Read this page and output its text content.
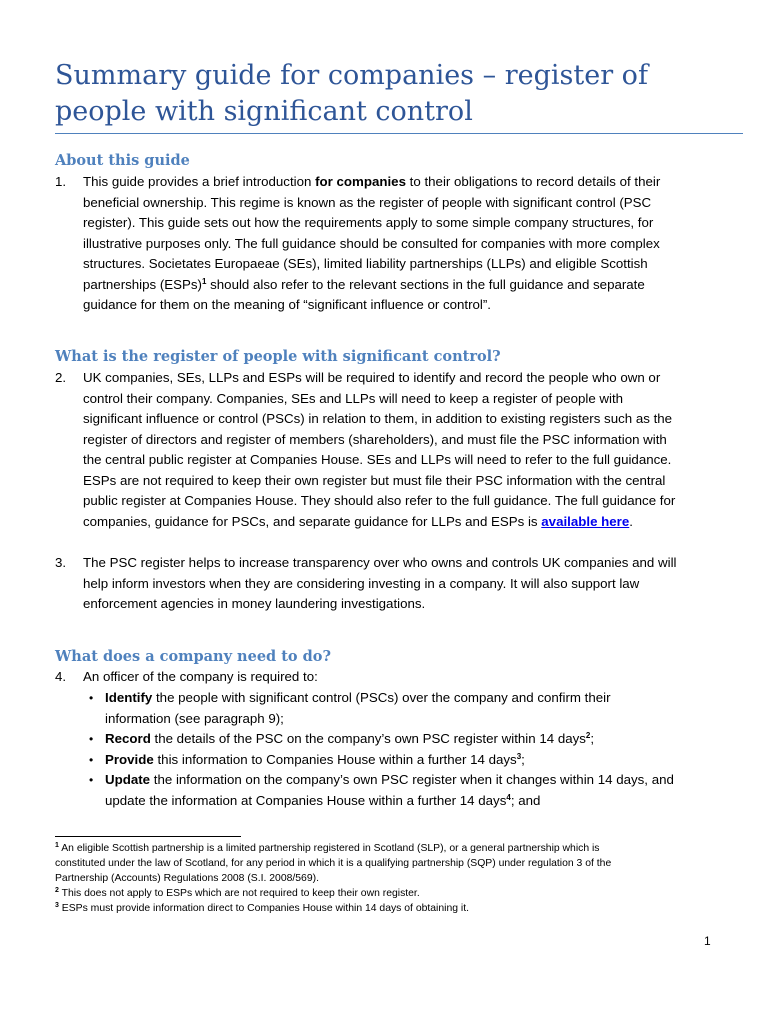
Summary guide for companies – register of
people with significant control
About this guide
1. This guide provides a brief introduction for companies to their obligations to record details of their
beneficial ownership. This regime is known as the register of people with significant control (PSC
register). This guide sets out how the requirements apply to some simple company structures, for
illustrative purposes only. The full guidance should be consulted for companies with more complex
structures. Societates Europaeae (SEs), limited liability partnerships (LLPs) and eligible Scottish
partnerships (ESPs)$^1$ should also refer to the relevant sections in the full guidance and separate
guidance for them on the meaning of “significant influence or control”.
What is the register of people with significant control?
2. UK companies, SEs, LLPs and ESPs will be required to identify and record the people who own or
control their company. Companies, SEs and LLPs will need to keep a register of people with
significant influence or control (PSCs) in relation to them, in addition to existing registers such as the
register of directors and register of members (shareholders), and must file the PSC information with
the central public register at Companies House. SEs and LLPs will need to refer to the full guidance.
ESPs are not required to keep their own register but must file their PSC information with the central
public register at Companies House. They should also refer to the full guidance. The full guidance for
companies, guidance for PSCs, and separate guidance for LLPs and ESPs is available here.
3. The PSC register helps to increase transparency over who owns and controls UK companies and will
help inform investors when they are considering investing in a company. It will also support law
enforcement agencies in money laundering investigations.
What does a company need to do?
4. An officer of the company is required to:
• Identify the people with significant control (PSCs) over the company and confirm their
information (see paragraph 9);
• Record the details of the PSC on the company’s own PSC register within 14 days$^2$;
• Provide this information to Companies House within a further 14 days$^3$;
• Update the information on the company’s own PSC register when it changes within 14 days, and
update the information at Companies House within a further 14 days$^4$; and
$^1$ An eligible Scottish partnership is a limited partnership registered in Scotland (SLP), or a general partnership which is
constituted under the law of Scotland, for any period in which it is a qualifying partnership (SQP) under regulation 3 of the
Partnership (Accounts) Regulations 2008 (S.I. 2008/569).
$^2$ This does not apply to ESPs which are not required to keep their own register.
$^3$ ESPs must provide information direct to Companies House within 14 days of obtaining it.
1
